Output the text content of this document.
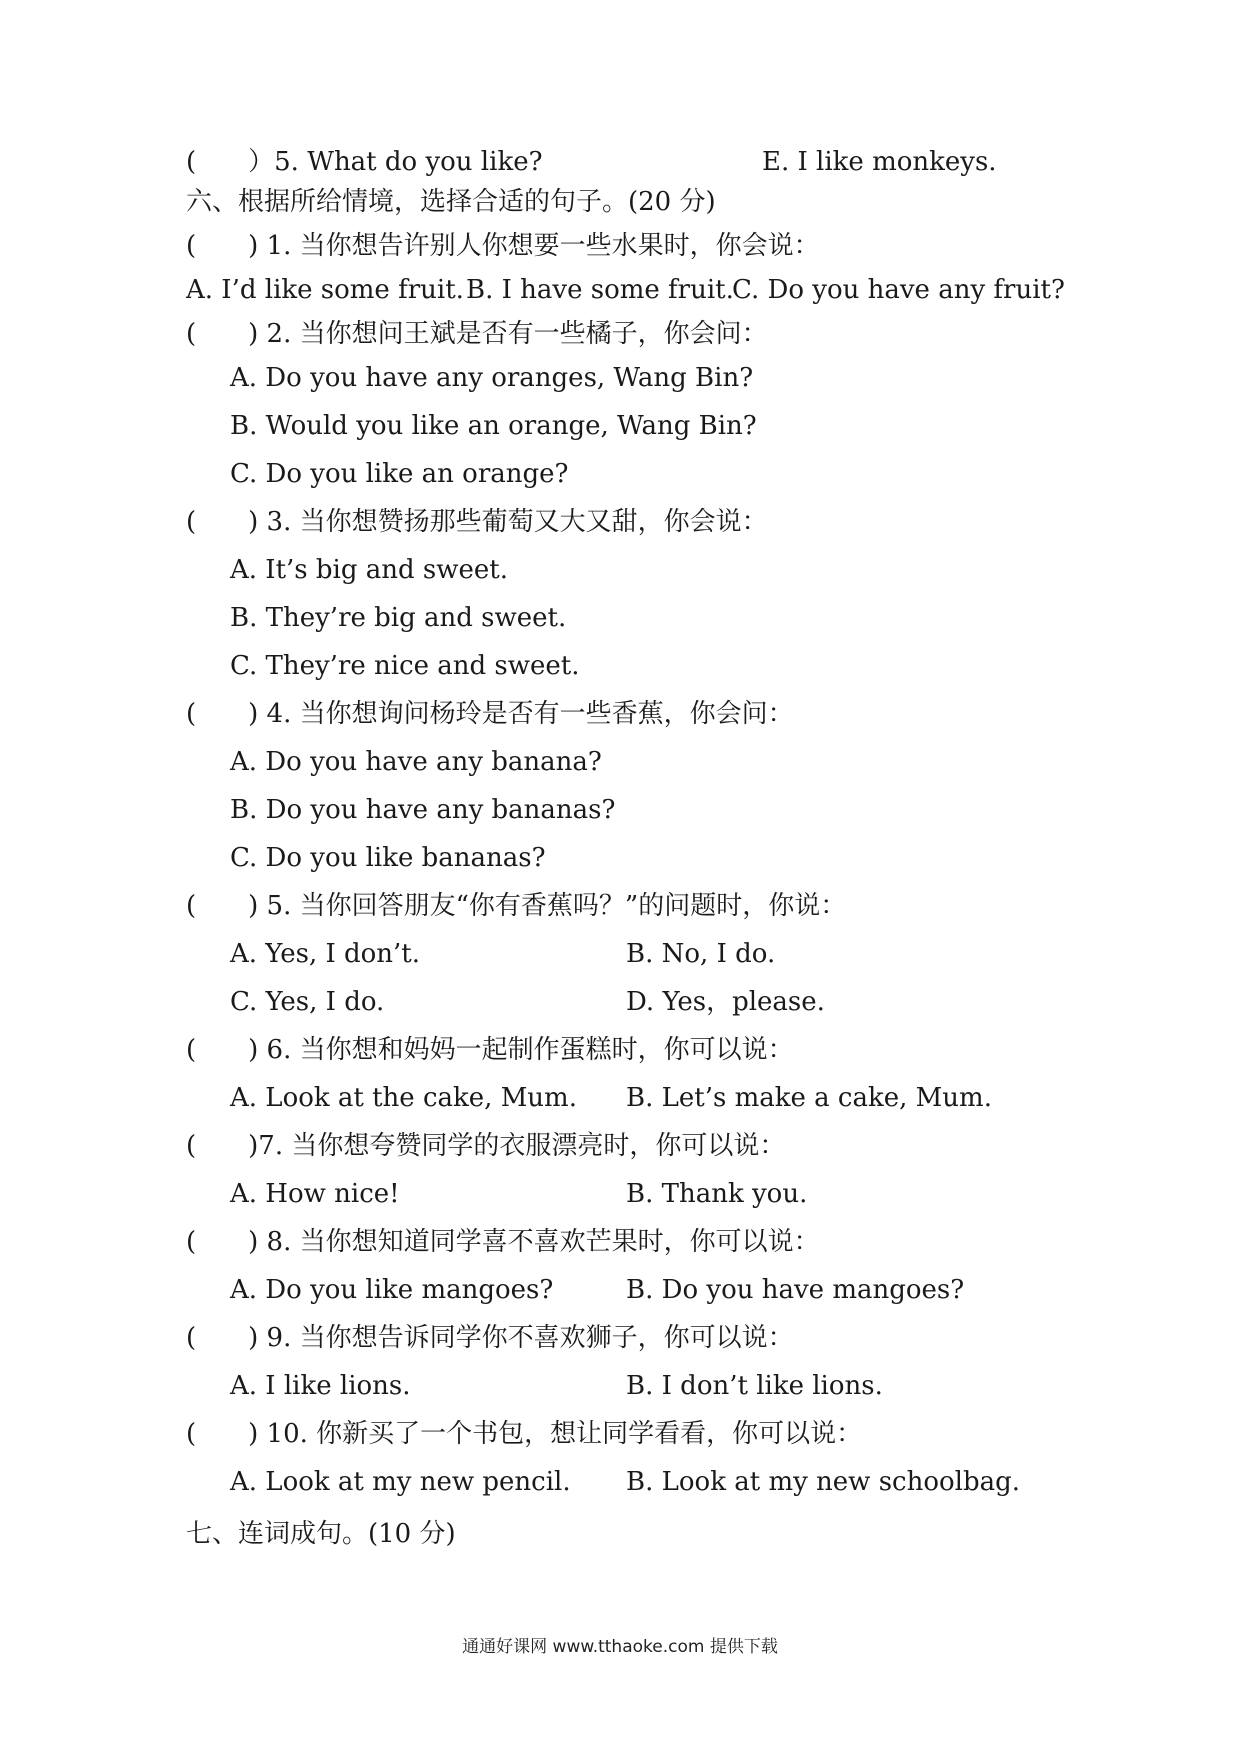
(　　）5. What do you like?	E. I like monkeys.
六、根据所给情境，选择合适的句子。(20 分)
(　　) 1. 当你想告许别人你想要一些水果时，你会说：
A. I’d like some fruit. B. I have some fruit.
C. Do you have any fruit?
(　　) 2. 当你想问王斌是否有一些橘子，你会问：
A. Do you have any oranges, Wang Bin?
B. Would you like an orange, Wang Bin?
C. Do you like an orange?
(　　) 3. 当你想赞扬那些葡萄又大又甜，你会说：
A. It’s big and sweet.
B. They’re big and sweet.
C. They’re nice and sweet.
(　　) 4. 当你想询问杨玲是否有一些香蕉，你会问：
A. Do you have any banana?
B. Do you have any bananas?
C. Do you like bananas?
(　　) 5. 当你回答朋友“你有香蕉吗？”的问题时，你说：
A. Yes, I don’t.	B. No, I do.
C. Yes, I do.	D. Yes，please.
(　　) 6. 当你想和妈妈一起制作蛋糕时，你可以说：
A. Look at the cake, Mum. B. Let’s make a cake, Mum.
(　　)7. 当你想夸赞同学的衣服漂亮时，你可以说：
A. How nice!	B. Thank you.
(　　) 8. 当你想知道同学喜不喜欢芒果时，你可以说：
A. Do you like mangoes?	B. Do you have mangoes?
(　　) 9. 当你想告诉同学你不喜欢狮子，你可以说：
A. I like lions.	B. I don’t like lions.
(　　) 10. 你新买了一个书包，想让同学看看，你可以说：
A. Look at my new pencil. B. Look at my new schoolbag.
七、连词成句。(10 分)
通通好课网 www.tthaoke.com 提供下载
